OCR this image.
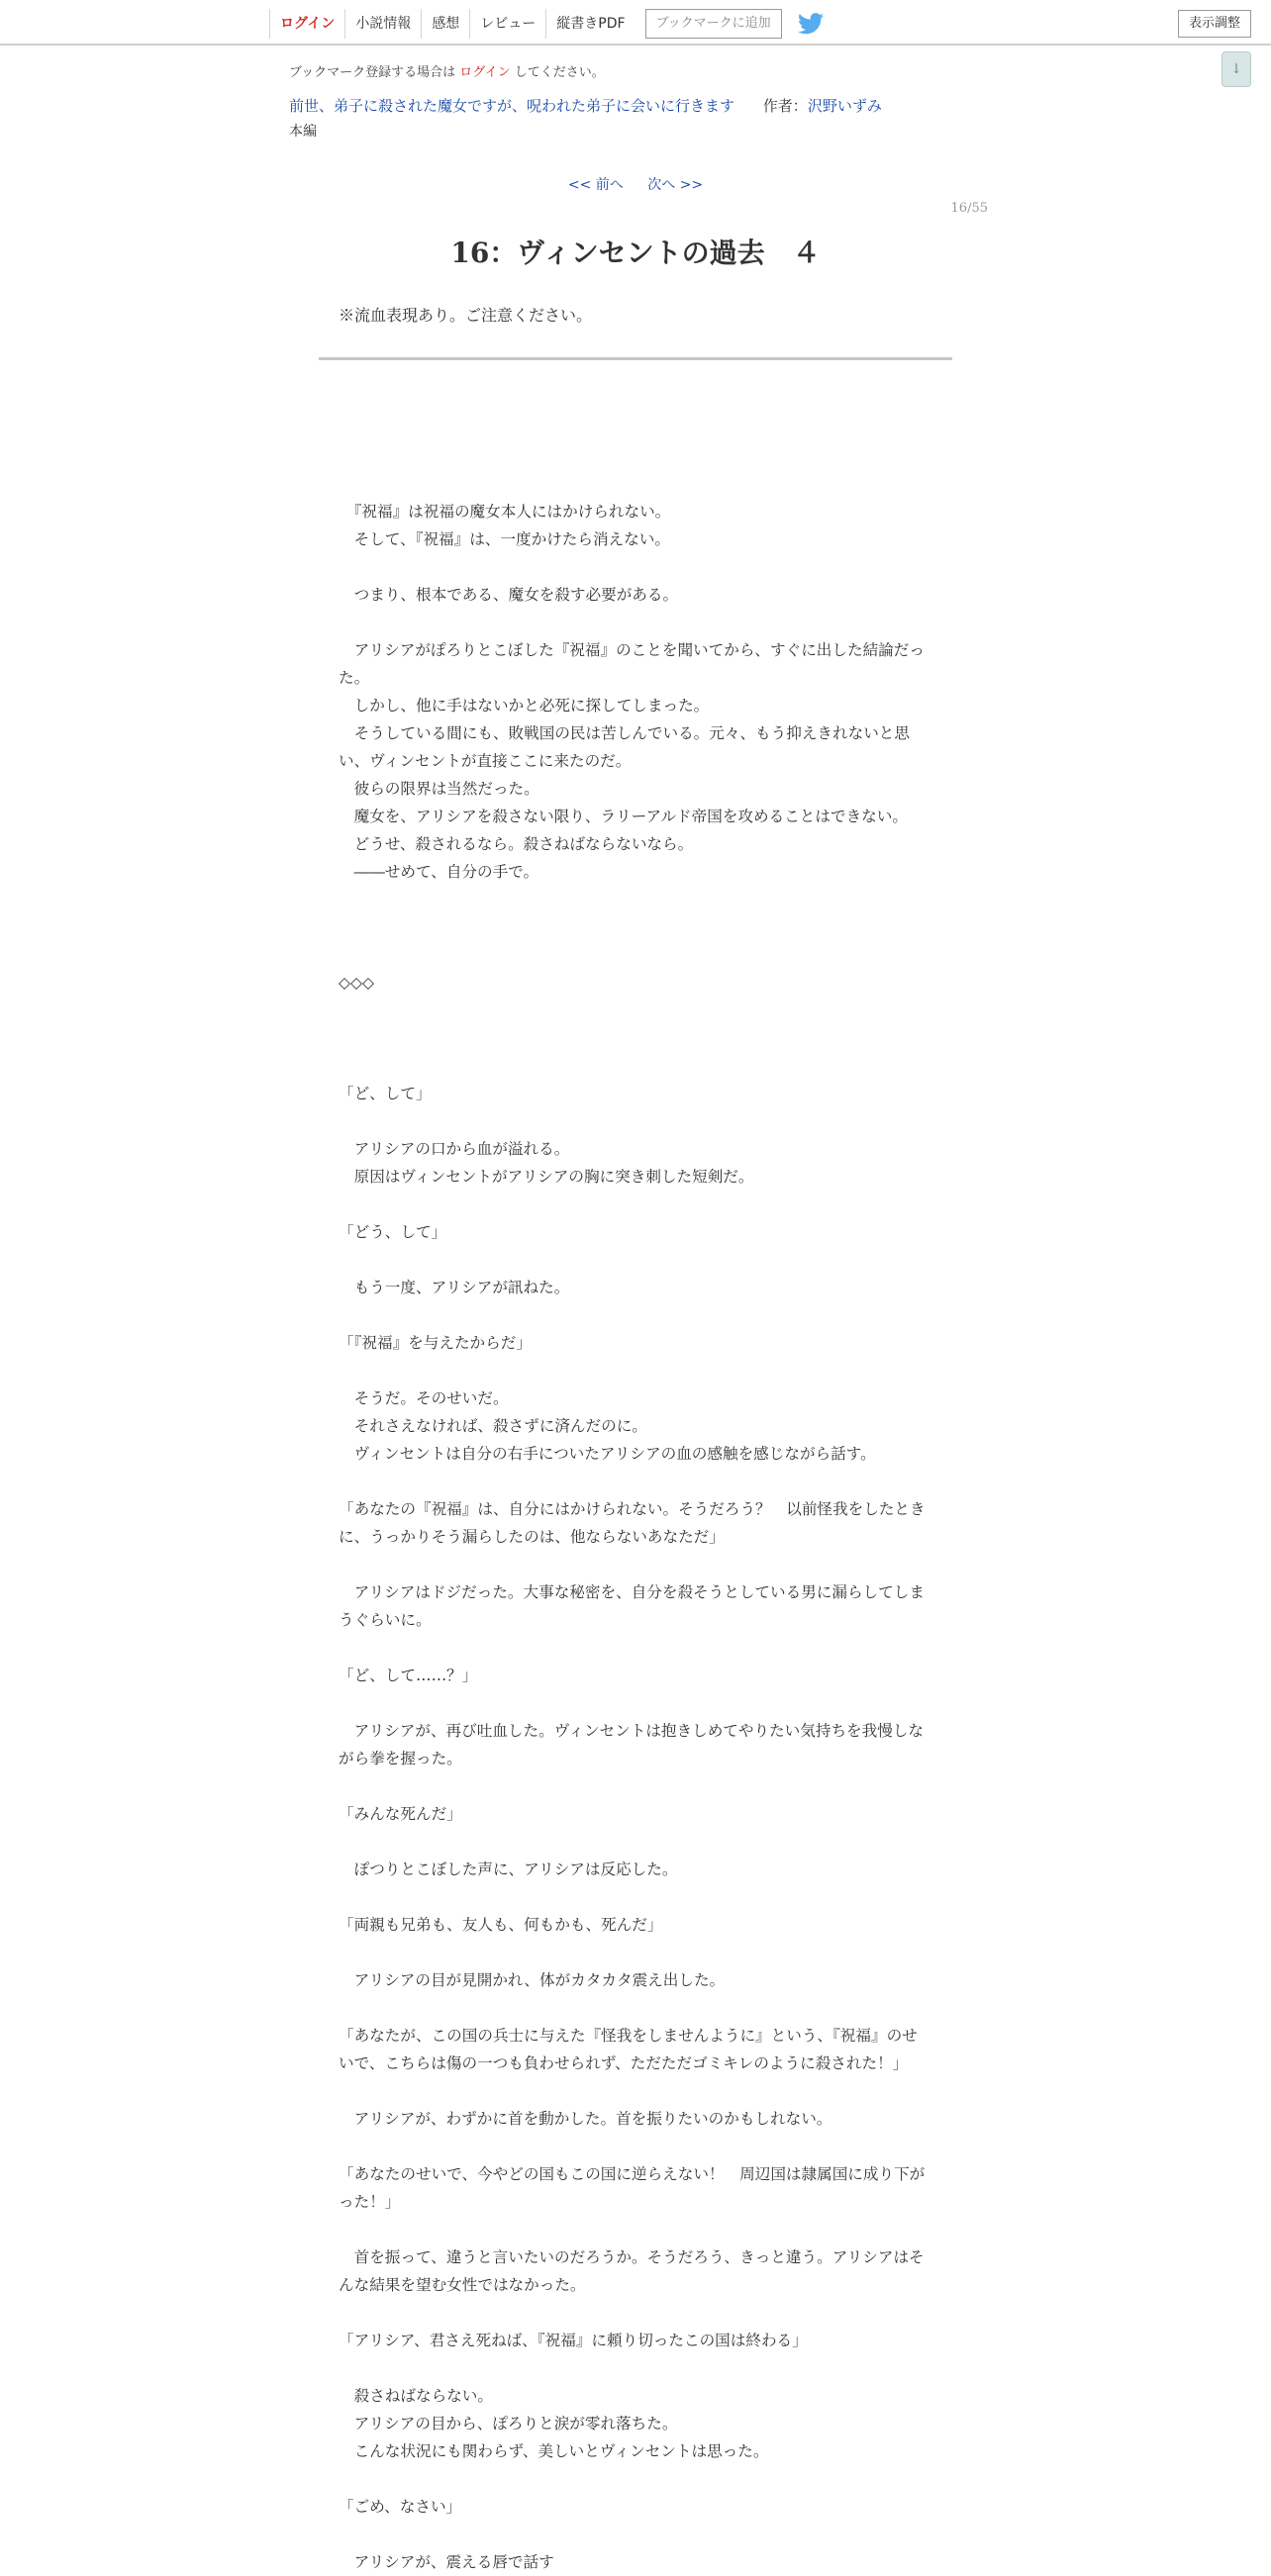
ログイン	小説情報	感想	レビュー	縦書きPDF	ブックマークに追加	表示調整
↓
ブックマーク登録する場合は ログイン してください。
前世、弟子に殺された魔女ですが、呪われた弟子に会いに行きます 作者：沢野いずみ
本編
<< 前へ 次へ >>
16/55
16：ヴィンセントの過去　４
※流血表現あり。ご注意ください。

　『祝福』は祝福の魔女本人にはかけられない。

　そして、『祝福』は、一度かけたら消えない。

　つまり、根本である、魔女を殺す必要がある。

　アリシアがぽろりとこぼした『祝福』のことを聞いてから、すぐに出した結論だった。

　しかし、他に手はないかと必死に探してしまった。

　そうしている間にも、敗戦国の民は苦しんでいる。元々、もう抑えきれないと思い、ヴィンセントが直接ここに来たのだ。

　彼らの限界は当然だった。

　魔女を、アリシアを殺さない限り、ラリーアルド帝国を攻めることはできない。

　どうせ、殺されるなら。殺さねばならないなら。

　――せめて、自分の手で。

◇◇◇

「ど、して」

　アリシアの口から血が溢れる。

　原因はヴィンセントがアリシアの胸に突き刺した短剣だ。

「どう、して」

　もう一度、アリシアが訊ねた。

「『祝福』を与えたからだ」

　そうだ。そのせいだ。

　それさえなければ、殺さずに済んだのに。

　ヴィンセントは自分の右手についたアリシアの血の感触を感じながら話す。

「あなたの『祝福』は、自分にはかけられない。そうだろう？　以前怪我をしたときに、うっかりそう漏らしたのは、他ならないあなただ」

　アリシアはドジだった。大事な秘密を、自分を殺そうとしている男に漏らしてしまうぐらいに。

「ど、して……？」

　アリシアが、再び吐血した。ヴィンセントは抱きしめてやりたい気持ちを我慢しながら拳を握った。

「みんな死んだ」

　ぽつりとこぼした声に、アリシアは反応した。

「両親も兄弟も、友人も、何もかも、死んだ」

　アリシアの目が見開かれ、体がカタカタ震え出した。

「あなたが、この国の兵士に与えた『怪我をしませんように』という、『祝福』のせいで、こちらは傷の一つも負わせられず、ただただゴミキレのように殺された！」

　アリシアが、わずかに首を動かした。首を振りたいのかもしれない。

「あなたのせいで、今やどの国もこの国に逆らえない！　周辺国は隷属国に成り下がった！」

　首を振って、違うと言いたいのだろうか。そうだろう、きっと違う。アリシアはそんな結果を望む女性ではなかった。

「アリシア、君さえ死ねば、『祝福』に頼り切ったこの国は終わる」

　殺さねばならない。

　アリシアの目から、ぽろりと涙が零れ落ちた。

　こんな状況にも関わらず、美しいとヴィンセントは思った。

「ごめ、なさい」

　アリシアが、震える唇で話す
